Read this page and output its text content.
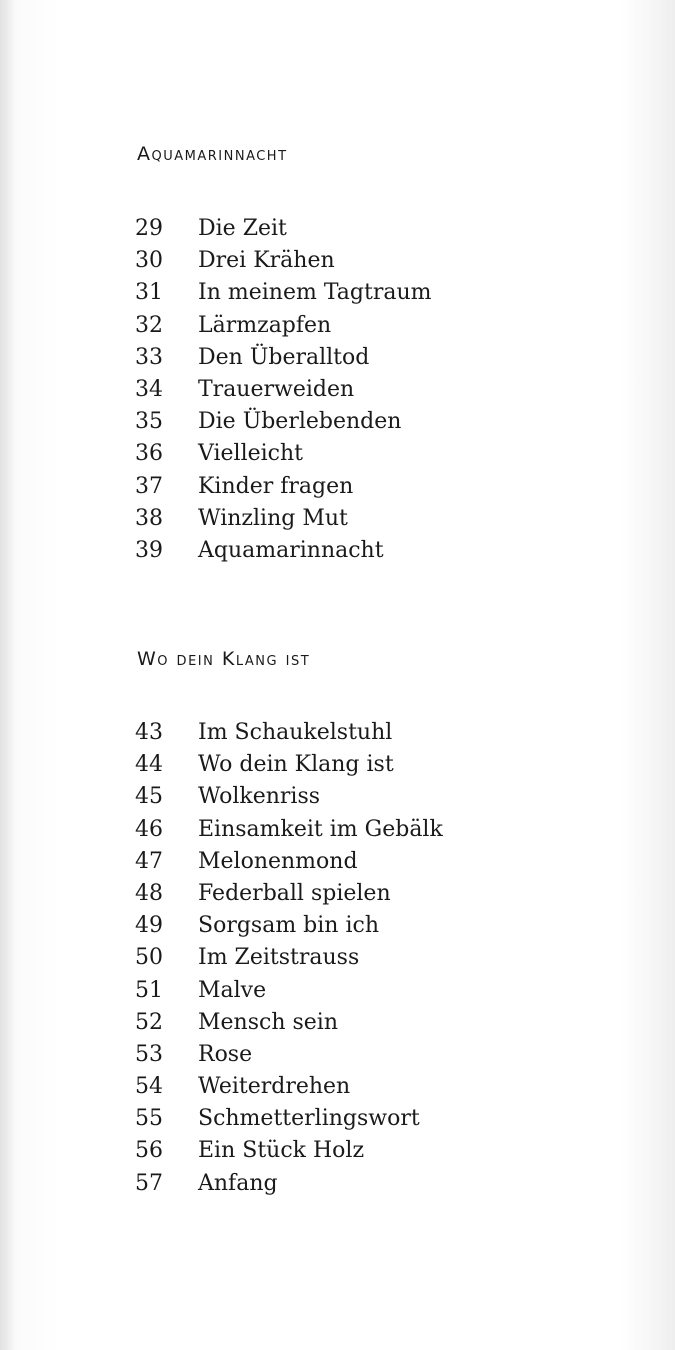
Aquamarinnacht
29	Die Zeit
30	Drei Krähen
31	In meinem Tagtraum
32	Lärmzapfen
33	Den Überalltod
34	Trauerweiden
35	Die Überlebenden
36	Vielleicht
37	Kinder fragen
38	Winzling Mut
39	Aquamarinnacht
Wo dein Klang ist
43	Im Schaukelstuhl
44	Wo dein Klang ist
45	Wolkenriss
46	Einsamkeit im Gebälk
47	Melonenmond
48	Federball spielen
49	Sorgsam bin ich
50	Im Zeitstrauss
51	Malve
52	Mensch sein
53	Rose
54	Weiterdrehen
55	Schmetterlingswort
56	Ein Stück Holz
57	Anfang
